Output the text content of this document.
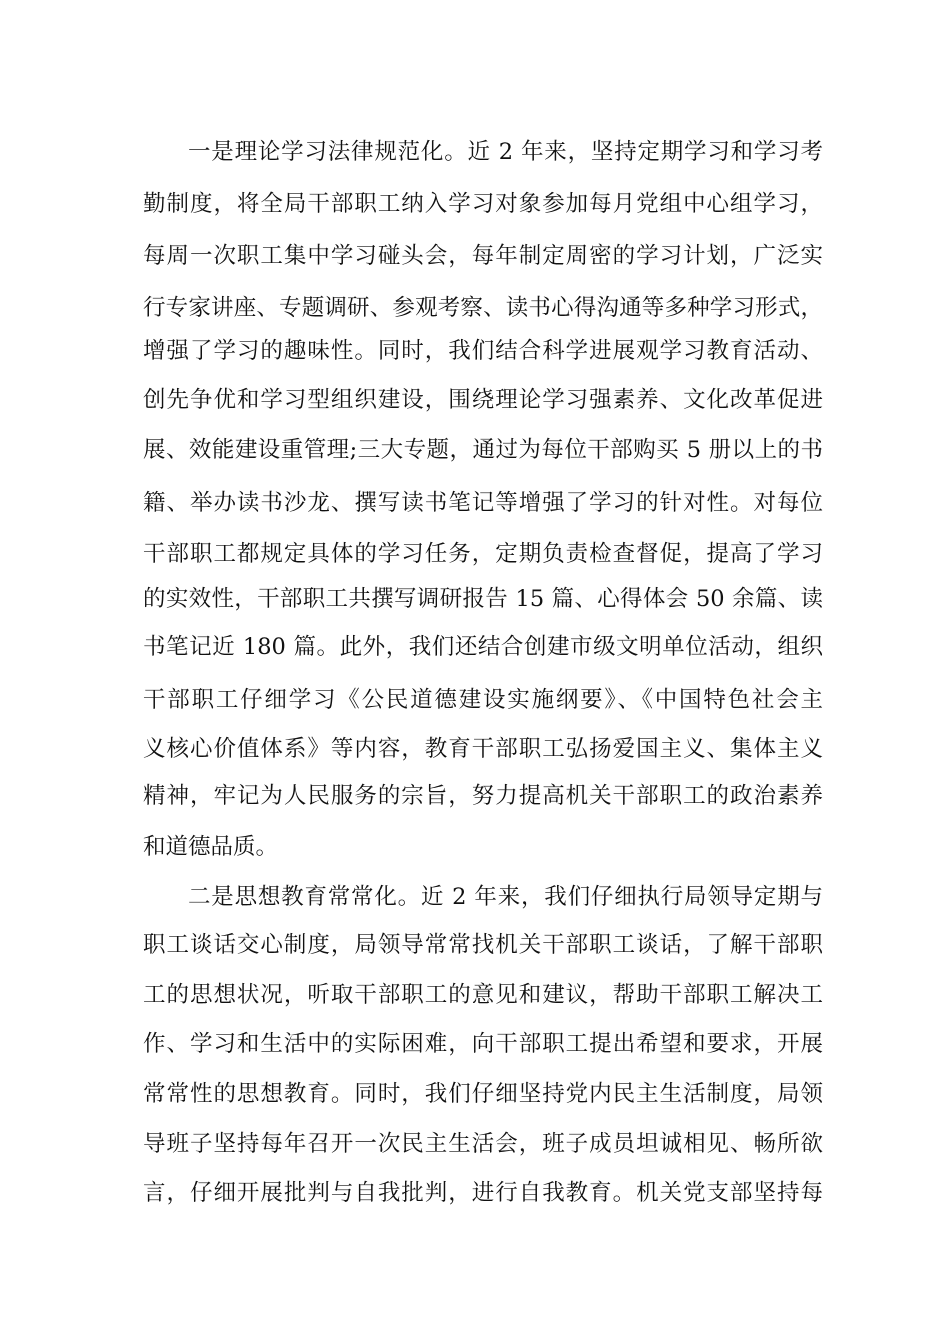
一是理论学习法律规范化。近 2 年来，坚持定期学习和学习考
勤制度，将全局干部职工纳入学习对象参加每月党组中心组学习，
每周一次职工集中学习碰头会，每年制定周密的学习计划，广泛实
行专家讲座、专题调研、参观考察、读书心得沟通等多种学习形式，
增强了学习的趣味性。同时，我们结合科学进展观学习教育活动、
创先争优和学习型组织建设，围绕理论学习强素养、文化改革促进
展、效能建设重管理;三大专题，通过为每位干部购买 5 册以上的书
籍、举办读书沙龙、撰写读书笔记等增强了学习的针对性。对每位
干部职工都规定具体的学习任务，定期负责检查督促，提高了学习
的实效性，干部职工共撰写调研报告 15 篇、心得体会 50 余篇、读
书笔记近 180 篇。此外，我们还结合创建市级文明单位活动，组织
干部职工仔细学习《公民道德建设实施纲要》、《中国特色社会主
义核心价值体系》等内容，教育干部职工弘扬爱国主义、集体主义
精神，牢记为人民服务的宗旨，努力提高机关干部职工的政治素养
和道德品质。
二是思想教育常常化。近 2 年来，我们仔细执行局领导定期与
职工谈话交心制度，局领导常常找机关干部职工谈话，了解干部职
工的思想状况，听取干部职工的意见和建议，帮助干部职工解决工
作、学习和生活中的实际困难，向干部职工提出希望和要求，开展
常常性的思想教育。同时，我们仔细坚持党内民主生活制度，局领
导班子坚持每年召开一次民主生活会，班子成员坦诚相见、畅所欲
言，仔细开展批判与自我批判，进行自我教育。机关党支部坚持每
